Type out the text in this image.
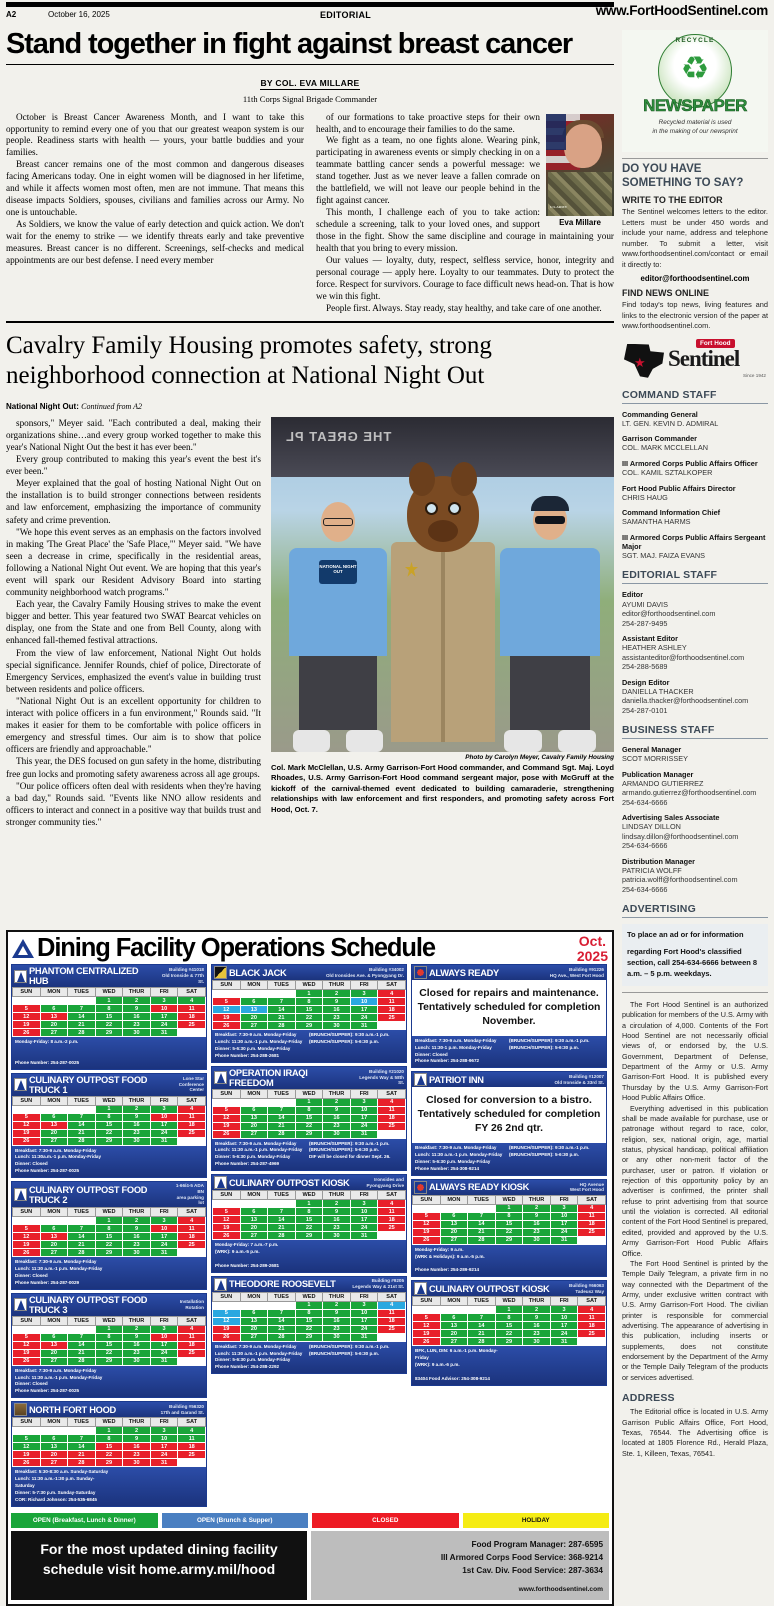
A2	October 16, 2025	EDITORIAL	www.FortHoodSentinel.com
Stand together in fight against breast cancer
BY COL. EVA MILLARE
11th Corps Signal Brigade Commander

October is Breast Cancer Awareness Month, and I want to take this opportunity to remind every one of you that our greatest weapon system is our people. Readiness starts with health — yours, your battle buddies and your families.

Breast cancer remains one of the most common and dangerous diseases facing Americans today. One in eight women will be diagnosed in her lifetime, and while it affects women most often, men are not immune. That means this disease impacts Soldiers, spouses, civilians and families across our Army. No one is untouchable.

As Soldiers, we know the value of early detection and quick action. We don't wait for the enemy to strike — we identify threats early and take preventive measures. Breast cancer is no different. Screenings, self-checks and medical appointments are our best defense. I need every member

U.S.ARMY
Eva Millare

of our formations to take proactive steps for their own health, and to encourage their families to do the same.

We fight as a team, no one fights alone. Wearing pink, participating in awareness events or simply checking in on a teammate battling cancer sends a powerful message: we stand together. Just as we never leave a fallen comrade on the battlefield, we will not leave our people behind in the fight against cancer.

This month, I challenge each of you to take action: schedule a screening, talk to your loved ones, and support those in the fight. Show the same discipline and courage in maintaining your health that you bring to every mission.

Our values — loyalty, duty, respect, selfless service, honor, integrity and personal courage — apply here. Loyalty to our teammates. Duty to protect the force. Respect for survivors. Courage to face difficult news head-on. That is how we win this fight.

People first. Always. Stay ready, stay healthy, and take care of one another.

Cavalry Family Housing promotes safety, strong neighborhood connection at National Night Out
National Night Out: Continued from A2

sponsors," Meyer said. "Each contributed a deal, making their organizations shine…and every group worked together to make this year's National Night Out the best it has ever been."

Every group contributed to making this year's event the best it's ever been."

Meyer explained that the goal of hosting National Night Out on the installation is to build stronger connections between residents and law enforcement, emphasizing the importance of community safety and crime prevention.

"We hope this event serves as an emphasis on the factors involved in making 'The Great Place' the 'Safe Place,'" Meyer said. "We have seen a decrease in crime, specifically in the residential areas, following a National Night Out event. We are hoping that this year's event will spark our Resident Advisory Board into starting community neighborhood watch programs."

Each year, the Cavalry Family Housing strives to make the event bigger and better. This year featured two SWAT Bearcat vehicles on display, one from the State and one from Bell County, along with enhanced fall-themed festival attractions.

From the view of law enforcement, National Night Out holds special significance. Jennifer Rounds, chief of police, Directorate of Emergency Services, emphasized the event's value in building trust between residents and police officers.

"National Night Out is an excellent opportunity for children to interact with police officers in a fun environment," Rounds said. "It makes it easier for them to be comfortable with police officers in emergency and stressful times. Our aim is to show that police officers are friendly and approachable."

This year, the DES focused on gun safety in the home, distributing free gun locks and promoting safety awareness across all age groups.

"Our police officers often deal with residents when they're having a bad day," Rounds said. "Events like NNO allow residents and officers to interact and connect in a positive way that builds trust and stronger community ties."

THE GREAT PL
NATIONAL NIGHT OUT
Photo by Carolyn Meyer, Cavalry Family Housing
Col. Mark McClellan, U.S. Army Garrison-Fort Hood commander, and Command Sgt. Maj. Loyd Rhoades, U.S. Army Garrison-Fort Hood command sergeant major, pose with McGruff at the kickoff of the carnival-themed event dedicated to building camaraderie, strengthening relationships with law enforcement and first responders, and promoting safety across Fort Hood, Oct. 7.
RECYCLE
♻
NEWSPAPER
Recycled material is used
in the making of our newsprint
DO YOU HAVE
SOMETHING TO SAY?
WRITE TO THE EDITOR
The Sentinel welcomes letters to the editor. Letters must be under 450 words and include your name, address and telephone number. To submit a letter, visit www.forthoodsentinel.com/contact or email it directly to:
editor@forthoodsentinel.com
FIND NEWS ONLINE
Find today's top news, living features and links to the electronic version of the paper at www.forthoodsentinel.com.
★
Fort Hood
Sentinel
Since 1942
COMMAND STAFF
Commanding General
LT. GEN. KEVIN D. ADMIRAL
Garrison Commander
COL. MARK MCCLELLAN
III Armored Corps Public Affairs Officer
COL. KAMIL SZTALKOPER
Fort Hood Public Affairs Director
CHRIS HAUG
Command Information Chief
SAMANTHA HARMS
III Armored Corps Public Affairs Sergeant Major
SGT. MAJ. FAIZA EVANS
EDITORIAL STAFF
Editor
AYUMI DAVIS
editor@forthoodsentinel.com
254-287-9495
Assistant Editor
HEATHER ASHLEY
assistanteditor@forthoodsentinel.com
254-288-5689
Design Editor
DANIELLA THACKER
daniella.thacker@forthoodsentinel.com
254-287-0101
BUSINESS STAFF
General Manager
SCOT MORRISSEY
Publication Manager
ARMANDO GUTIERREZ
armando.gutierrez@forthoodsentinel.com
254-634-6666
Advertising Sales Associate
LINDSAY DILLON
lindsay.dillon@forthoodsentinel.com
254-634-6666
Distribution Manager
PATRICIA WOLFF
patricia.wolff@forthoodsentinel.com
254-634-6666
ADVERTISING
To place an ad or for information
regarding Fort Hood's classified section, call 254-634-6666 between 8 a.m. – 5 p.m. weekdays.

The Fort Hood Sentinel is an authorized publication for members of the U.S. Army with a circulation of 4,000. Contents of the Fort Hood Sentinel are not necessarily official views of, or endorsed by, the U.S. Government, Department of Defense, Department of the Army or U.S. Army Garrison-Fort Hood. It is published every Thursday by the U.S. Army Garrison-Fort Hood Public Affairs Office.

Everything advertised in this publication shall be made available for purchase, use or patronage without regard to race, color, religion, sex, national origin, age, martial status, physical handicap, political affiliation or any other non-merit factor of the purchaser, user or patron. If violation or rejection of this opportunity policy by an advertiser is confirmed, the printer shall refuse to print advertising from that source until the violation is corrected. All editorial content of the Fort Hood Sentinel is prepared, edited, provided and approved by the U.S. Army Garrison-Fort Hood Public Affairs Office.

The Fort Hood Sentinel is printed by the Temple Daily Telegram, a private firm in no way connected with the Department of the Army, under exclusive written contract with U.S. Army Garrison-Fort Hood. The civilian printer is responsible for commercial advertising. The appearance of advertising in this publication, including inserts or supplements, does not constitute endorsement by the Department of the Army or the Temple Daily Telegram of the products or services advertised.

ADDRESS

The Editorial office is located in U.S. Army Garrison Public Affairs Office, Fort Hood, Texas, 76544. The Advertising office is located at 1805 Florence Rd., Herald Plaza, Ste. 1, Killeen, Texas, 76541.

Dining Facility Operations Schedule	Oct.
2025
PHANTOM CENTRALIZED HUB
Building #41018
Old Ironside & 77th St.
SUN	MON	TUES	WED	THUR	FRI	SAT
			1	2	3	4
5	6	7	8	9	10	11
12	13	14	15	16	17	18
19	20	21	22	23	24	25
26	27	28	29	30	31	
Monday-Friday: 8 a.m.-2 p.m.

Phone Number: 254-287-0025
CULINARY OUTPOST FOOD TRUCK 1
Lone Star
Conference Center
SUN	MON	TUES	WED	THUR	FRI	SAT
			1	2	3	4
5	6	7	8	9	10	11
12	13	14	15	16	17	18
19	20	21	22	23	24	25
26	27	28	29	30	31	
Breakfast: 7:30-9 a.m. Monday-Friday
Lunch: 11:30a.m.-1 p.m. Monday-Friday
Dinner: Closed
Phone Number: 254-287-0025
CULINARY OUTPOST FOOD TRUCK 2
1-66/4-5 ADA BN
area parking lot
SUN	MON	TUES	WED	THUR	FRI	SAT
			1	2	3	4
5	6	7	8	9	10	11
12	13	14	15	16	17	18
19	20	21	22	23	24	25
26	27	28	29	30	31	
Breakfast: 7:30-9 a.m. Monday-Friday
Lunch: 11:30 a.m.-1 p.m. Monday-Friday
Dinner: Closed
Phone Number: 254-287-0029
CULINARY OUTPOST FOOD TRUCK 3
Installation
Rotation
SUN	MON	TUES	WED	THUR	FRI	SAT
			1	2	3	4
5	6	7	8	9	10	11
12	13	14	15	16	17	18
19	20	21	22	23	24	25
26	27	28	29	30	31	
Breakfast: 7:30-9 a.m. Monday-Friday
Lunch: 11:30 a.m.-1 p.m. Monday-Friday
Dinner: Closed
Phone Number: 254-287-0025
NORTH FORT HOOD	Building #56320
17th and Garand St.
SUN	MON	TUES	WED	THUR	FRI	SAT
			1	2	3	4
5	6	7	8	9	10	11
12	13	14	15	16	17	18
19	20	21	22	23	24	25
26	27	28	29	30	31	
Breakfast: 5:30-8:30 a.m. Sunday-Saturday
Lunch: 11:30 a.m.-1:30 p.m. Sunday-Saturday
Dinner: 5-7:30 p.m. Sunday-Saturday
COR: Richard Johnson: 254-535-6845
BLACK JACK	Building #34002
Old Ironsides Ave. & Pyongyang Dr.
SUN	MON	TUES	WED	THUR	FRI	SAT
			1	2	3	4
5	6	7	8	9	10	11
12	13	14	15	16	17	18
19	20	21	22	23	24	25
26	27	28	29	30	31	
Breakfast: 7:30-9 a.m. Monday-Friday
Lunch: 11:30 a.m.-1 p.m. Monday-Friday
Dinner: 5-6:30 p.m. Monday-Friday
Phone Number: 254-288-2681
(BRUNCH/SUPPER): 9:30 a.m.-1 p.m.
(BRUNCH/SUPPER): 5-6:30 p.m.
OPERATION IRAQI FREEDOM
Building #21020
Legends Way & 58th St.
SUN	MON	TUES	WED	THUR	FRI	SAT
			1	2	3	4
5	6	7	8	9	10	11
12	13	14	15	16	17	18
19	20	21	22	23	24	25
26	27	28	29	30	31	
Breakfast: 7:30-9 a.m. Monday-Friday
Lunch: 11:30 a.m.-1 p.m. Monday-Friday
Dinner: 5-6:30 p.m. Monday-Friday
Phone Number: 254-287-4969
(BRUNCH/SUPPER): 9:30 a.m.-1 p.m.
(BRUNCH/SUPPER): 5-6:30 p.m.
DIF will be closed for dinner Sept. 26.
CULINARY OUTPOST KIOSK	Ironsides and
Pyongyang Drive
SUN	MON	TUES	WED	THUR	FRI	SAT
			1	2	3	4
5	6	7	8	9	10	11
12	13	14	15	16	17	18
19	20	21	22	23	24	25
26	27	28	29	30	31	
Monday-Friday: 7 a.m.-7 p.m.
(WRK): 9 a.m.-5 p.m.

Phone Number: 254-289-2681
THEODORE ROOSEVELT	Building #9205
Legends Way & 21st St.
SUN	MON	TUES	WED	THUR	FRI	SAT
			1	2	3	4
5	6	7	8	9	10	11
12	13	14	15	16	17	18
19	20	21	22	23	24	25
26	27	28	29	30	31	
Breakfast: 7:30-9 a.m. Monday-Friday
Lunch: 11:30 a.m.-1 p.m. Monday-Friday
Dinner: 5-6:30 p.m. Monday-Friday
Phone Number: 254-288-2292
(BRUNCH/SUPPER): 9:30 a.m.-1 p.m.
(BRUNCH/SUPPER): 5-6:30 p.m.
ALWAYS READY	Building #91226
HQ Ave., West Fort Hood
Closed for repairs and maintenance. Tentatively scheduled for completion November.
Breakfast: 7:30-9 a.m. Monday-Friday
Lunch: 11:30-1 p.m. Monday-Friday
Dinner: Closed
Phone Number: 254-288-9672
(BRUNCH/SUPPER): 9:30 a.m.-1 p.m.
(BRUNCH/SUPPER): 5-6:30 p.m.
PATRIOT INN	Building #12007
Old Ironside & 33rd St.
Closed for conversion to a bistro. Tentatively scheduled for completion FY 26 2nd qtr.
Breakfast: 7:30-9 a.m. Monday-Friday
Lunch: 11:30 a.m.-1 p.m. Monday-Friday
Dinner: 5-6:30 p.m. Monday-Friday
Phone Number: 254-308-9214
(BRUNCH/SUPPER): 9:30 a.m.-1 p.m.
(BRUNCH/SUPPER): 5-6:30 p.m.
ALWAYS READY KIOSK	HQ Avenue
West Fort Hood
SUN	MON	TUES	WED	THUR	FRI	SAT
			1	2	3	4
5	6	7	8	9	10	11
12	13	14	15	16	17	18
19	20	21	22	23	24	25
26	27	28	29	30	31	
Monday-Friday: 9 a.m.
(WRK & Holidays): 9 a.m.-5 p.m.

Phone Number: 254-289-9214
CULINARY OUTPOST KIOSK	Building #66063
Tadeusz Way
SUN	MON	TUES	WED	THUR	FRI	SAT
			1	2	3	4
5	6	7	8	9	10	11
12	13	14	15	16	17	18
19	20	21	22	23	24	25
26	27	28	29	30	31	
BFK, LUN, DIN: 6 a.m.-1 p.m. Monday-Friday
(WRK): 9 a.m.-6 p.m.

83404 Food Advisor: 254-308-9214
OPEN (Breakfast, Lunch & Dinner)	OPEN (Brunch & Supper)	CLOSED	HOLIDAY
For the most updated dining facility schedule visit home.army.mil/hood
Food Program Manager: 287-6595
III Armored Corps Food Service: 368-9214
1st Cav. Div. Food Service: 287-3634
www.forthoodsentinel.com
